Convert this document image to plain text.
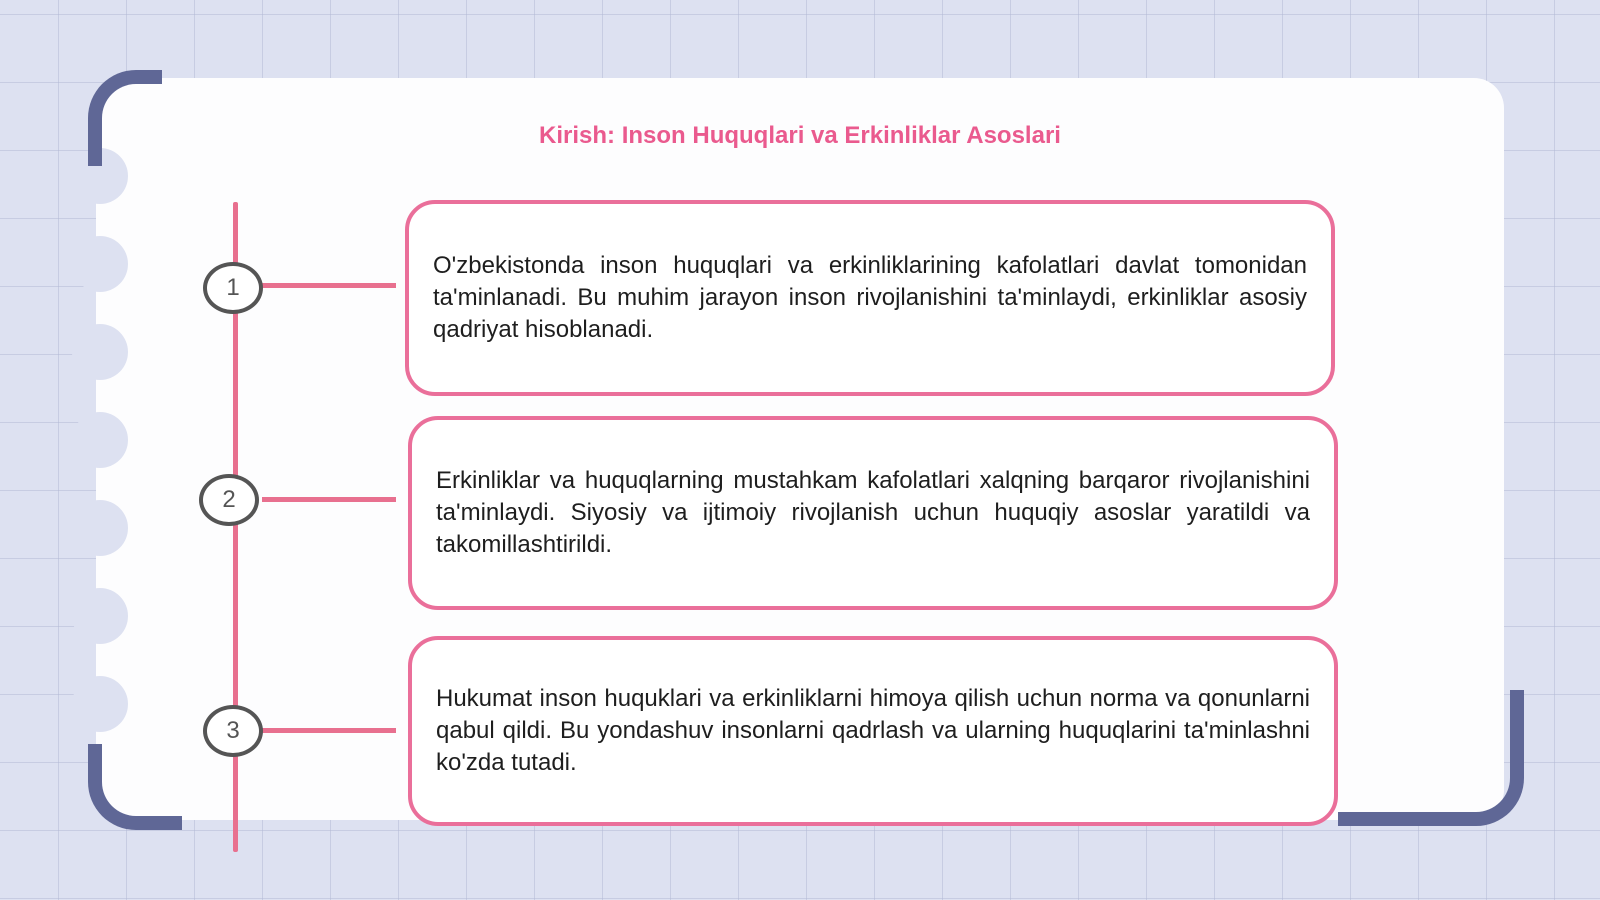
Kirish: Inson Huquqlari va Erkinliklar Asoslari
1
O'zbekistonda inson huquqlari va erkinliklarining kafolatlari davlat tomonidan ta'minlanadi. Bu muhim jarayon inson rivojlanishini ta'minlaydi, erkinliklar asosiy qadriyat hisoblanadi.
2
Erkinliklar va huquqlarning mustahkam kafolatlari xalqning barqaror rivojlanishini ta'minlaydi. Siyosiy va ijtimoiy rivojlanish uchun huquqiy asoslar yaratildi va takomillashtirildi.
3
Hukumat inson huquklari va erkinliklarni himoya qilish uchun norma va qonunlarni qabul qildi. Bu yondashuv insonlarni qadrlash va ularning huquqlarini ta'minlashni ko'zda tutadi.
